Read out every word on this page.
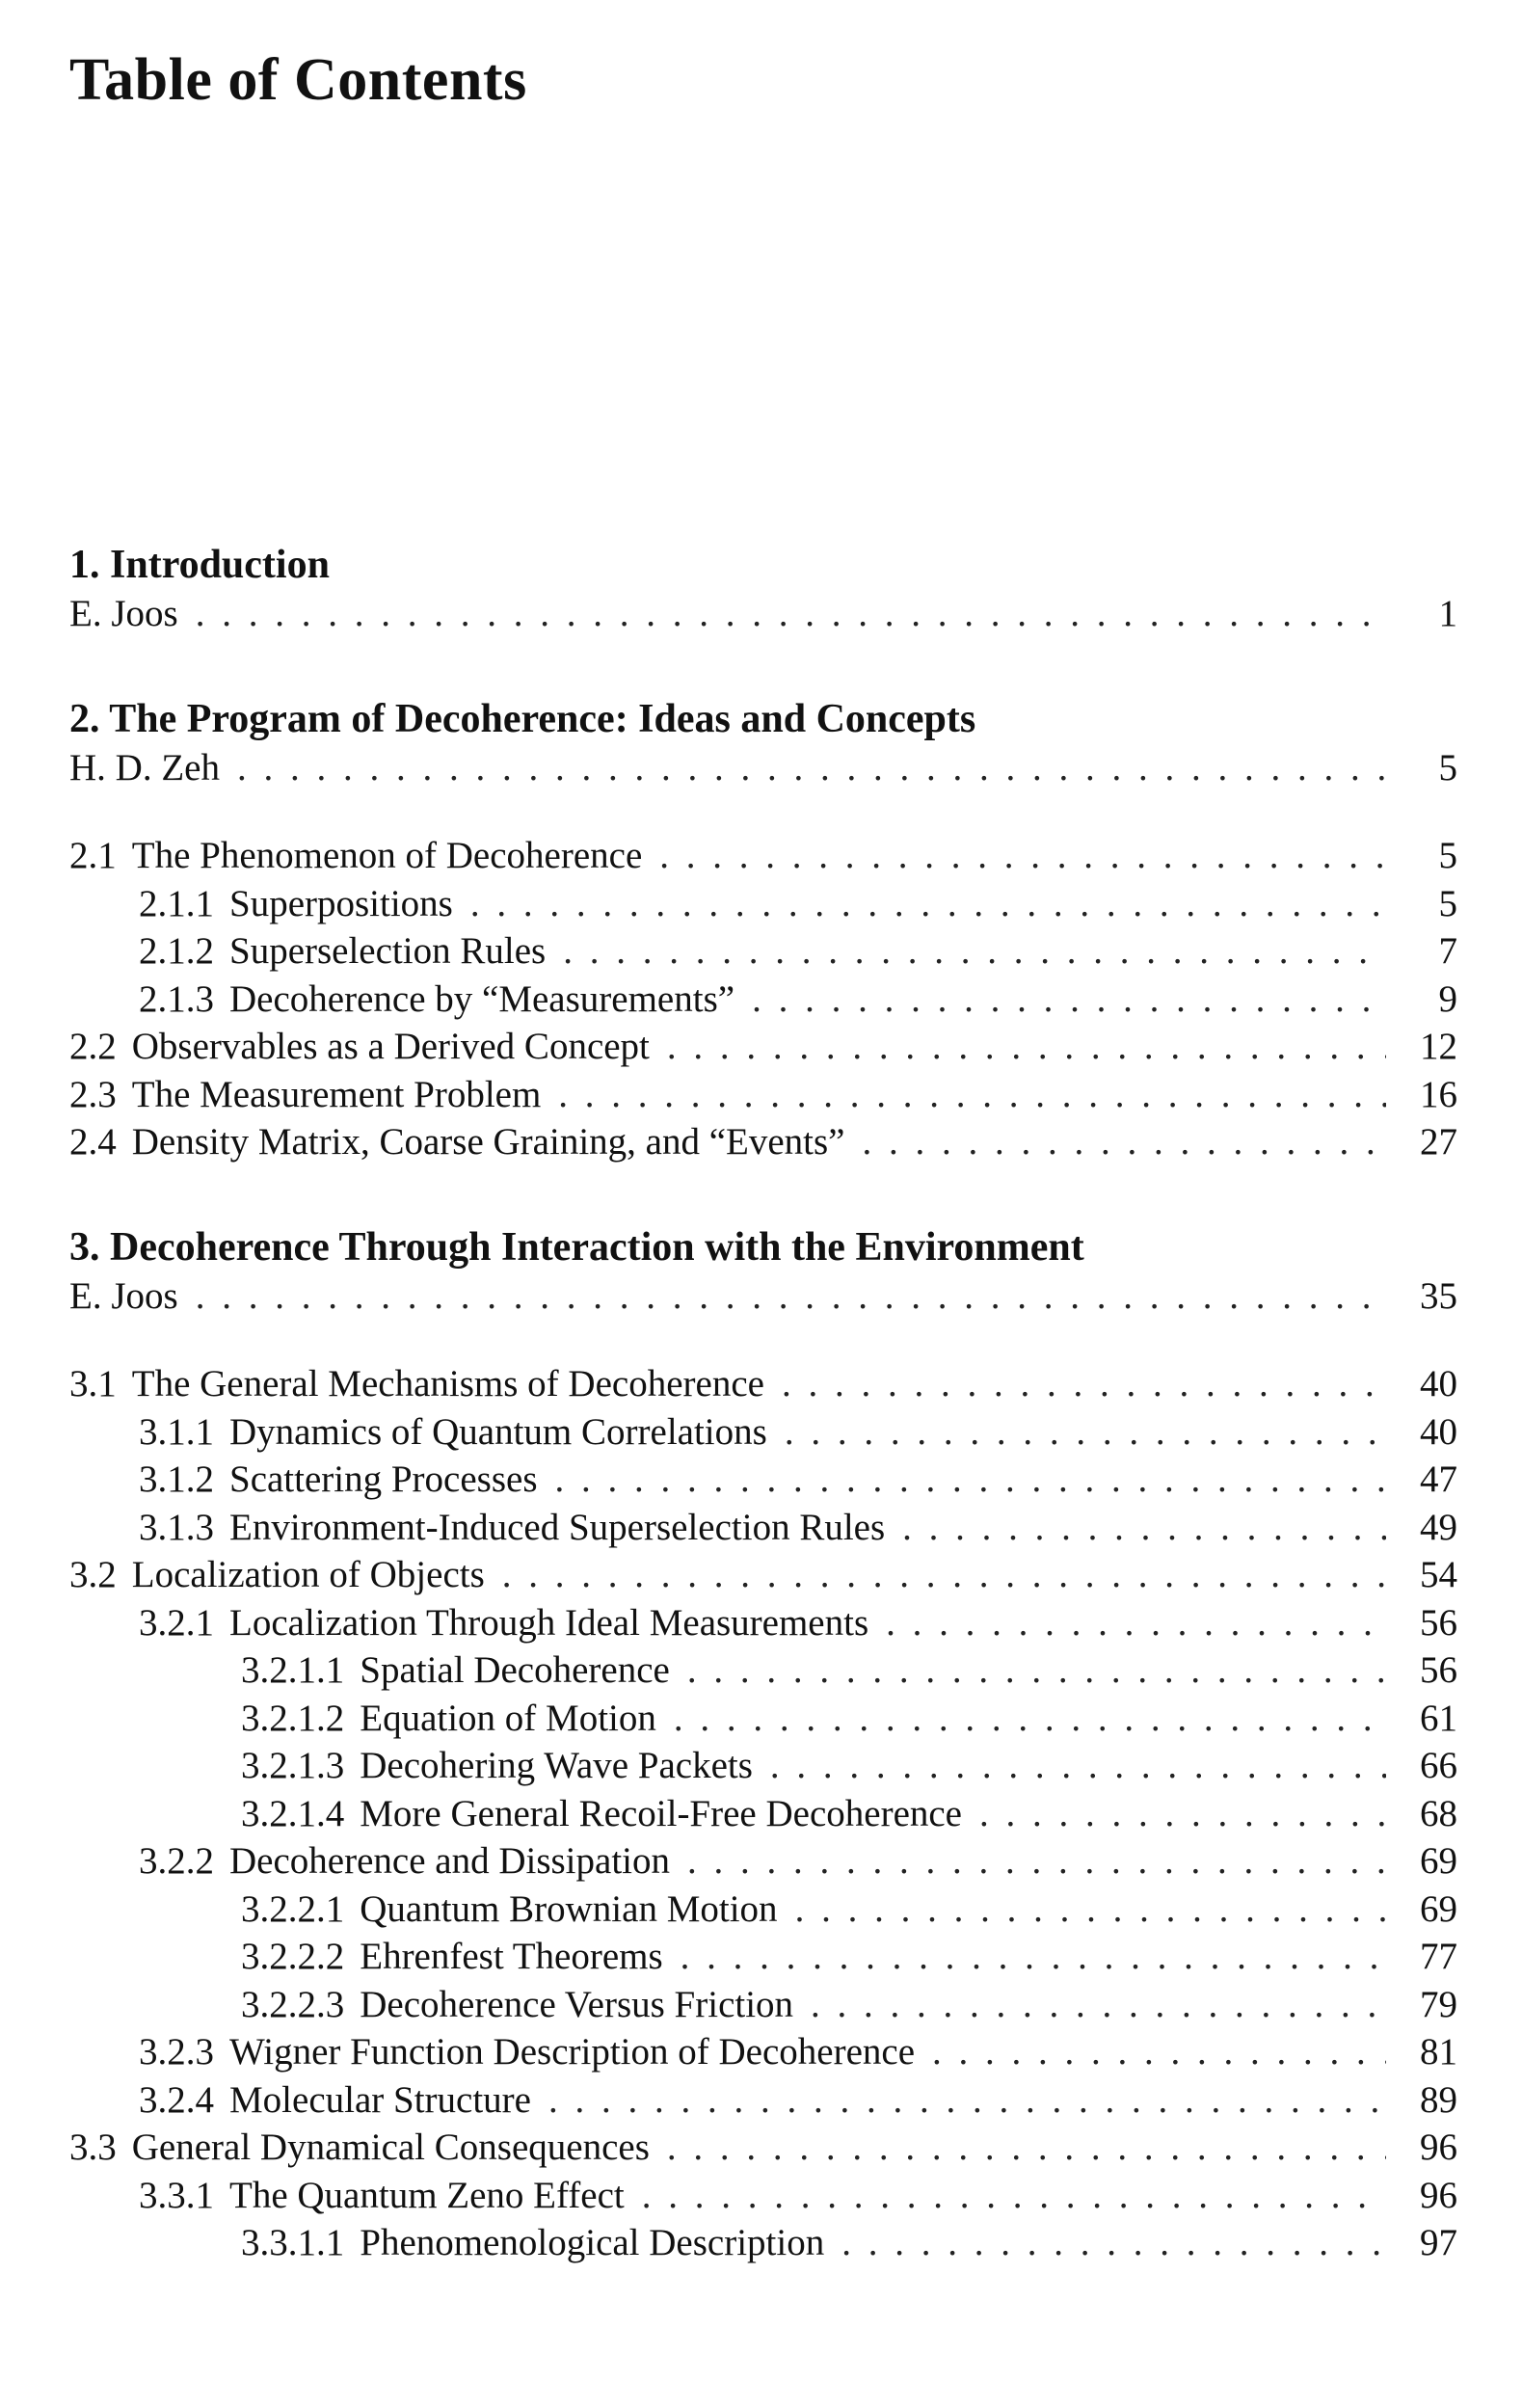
Table of Contents
1. Introduction
E. Joos . . .	1
2. The Program of Decoherence: Ideas and Concepts
H. D. Zeh . . .	5
2.1 The Phenomenon of Decoherence . . .	5
2.1.1 Superpositions . . .	5
2.1.2 Superselection Rules . . .	7
2.1.3 Decoherence by “Measurements” . . .	9
2.2 Observables as a Derived Concept . . .	12
2.3 The Measurement Problem . . .	16
2.4 Density Matrix, Coarse Graining, and “Events” . . .	27
3. Decoherence Through Interaction with the Environment
E. Joos . . .	35
3.1 The General Mechanisms of Decoherence . . .	40
3.1.1 Dynamics of Quantum Correlations . . .	40
3.1.2 Scattering Processes . . .	47
3.1.3 Environment-Induced Superselection Rules . . .	49
3.2 Localization of Objects . . .	54
3.2.1 Localization Through Ideal Measurements . . .	56
3.2.1.1 Spatial Decoherence . . .	56
3.2.1.2 Equation of Motion . . .	61
3.2.1.3 Decohering Wave Packets . . .	66
3.2.1.4 More General Recoil-Free Decoherence . . .	68
3.2.2 Decoherence and Dissipation . . .	69
3.2.2.1 Quantum Brownian Motion . . .	69
3.2.2.2 Ehrenfest Theorems . . .	77
3.2.2.3 Decoherence Versus Friction . . .	79
3.2.3 Wigner Function Description of Decoherence . . .	81
3.2.4 Molecular Structure . . .	89
3.3 General Dynamical Consequences . . .	96
3.3.1 The Quantum Zeno Effect . . .	96
3.3.1.1 Phenomenological Description . . .	97
